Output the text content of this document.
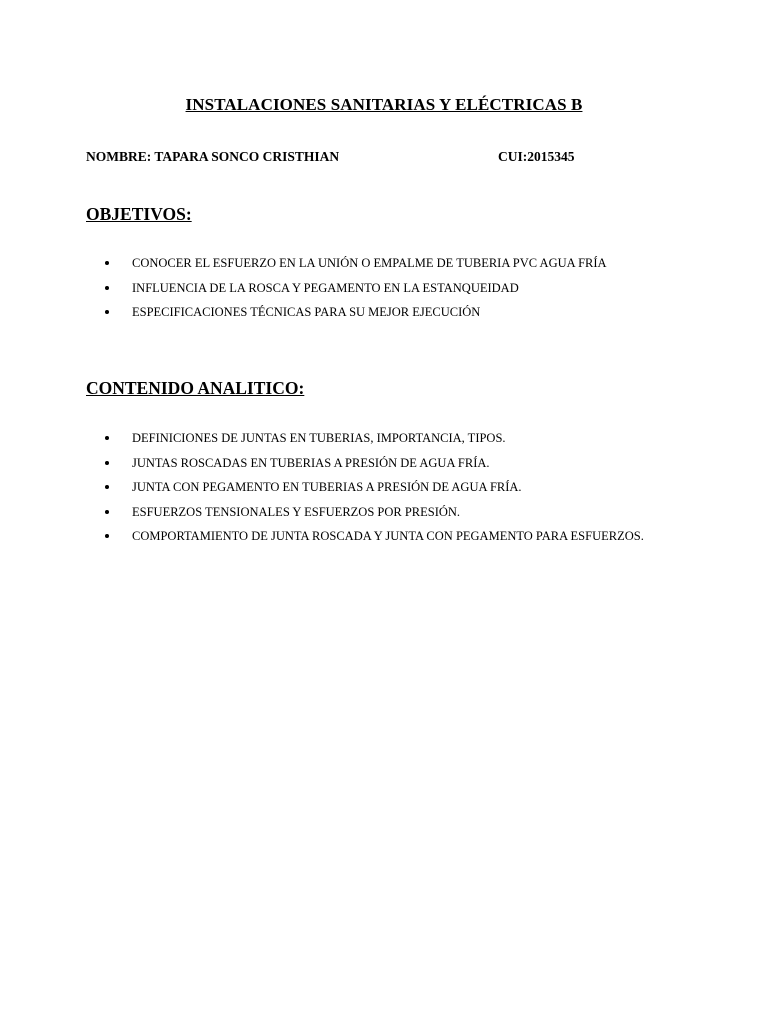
INSTALACIONES SANITARIAS Y ELÉCTRICAS B
NOMBRE: TAPARA SONCO CRISTHIAN	CUI:2015345
OBJETIVOS:
CONOCER EL ESFUERZO EN LA UNIÓN O EMPALME DE TUBERIA PVC AGUA FRÍA
INFLUENCIA DE LA ROSCA Y PEGAMENTO EN LA ESTANQUEIDAD
ESPECIFICACIONES TÉCNICAS PARA SU MEJOR EJECUCIÓN
CONTENIDO ANALITICO:
DEFINICIONES DE JUNTAS EN TUBERIAS, IMPORTANCIA, TIPOS.
JUNTAS ROSCADAS EN TUBERIAS A PRESIÓN DE AGUA FRÍA.
JUNTA CON PEGAMENTO EN TUBERIAS A PRESIÓN DE AGUA FRÍA.
ESFUERZOS TENSIONALES Y ESFUERZOS POR PRESIÓN.
COMPORTAMIENTO DE JUNTA ROSCADA Y JUNTA CON PEGAMENTO PARA ESFUERZOS.
